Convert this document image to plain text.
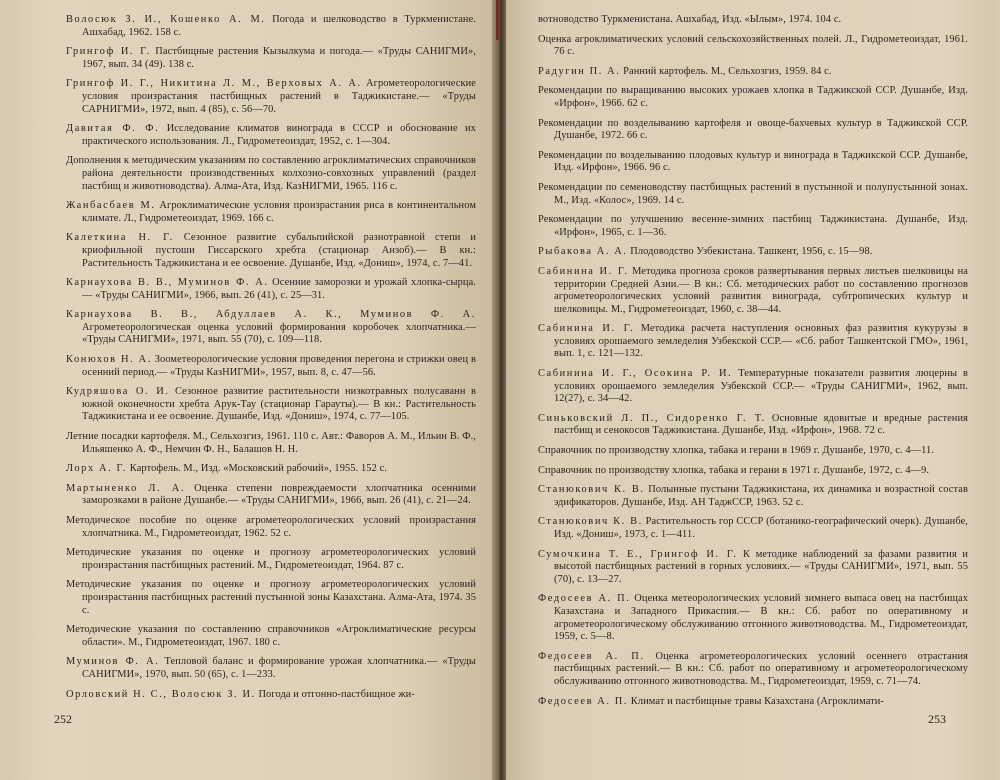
Волосюк З. И., Кошенко А. М. Погода и шелководство в Туркменистане. Ашхабад, 1962. 158 с.
Грингоф И. Г. Пастбищные растения Кызылкума и погода.— «Труды САНИГМИ», 1967, вып. 34 (49). 138 с.
Грингоф И. Г., Никитина Л. М., Верховых А. А. Агрометеорологические условия произрастания пастбищных растений в Таджикистане.— «Труды САРНИГМИ», 1972, вып. 4 (85), с. 56—70.
Давитая Ф. Ф. Исследование климатов винограда в СССР и обоснование их практического использования. Л., Гидрометеоиздат, 1952, с. 1—304.
Дополнения к методическим указаниям по составлению агроклиматических справочников района деятельности производственных колхозно-совхозных управлений (раздел пастбищ и животноводства). Алма-Ата, Изд. КазНИГМИ, 1965. 116 с.
Жанбасбаев М. Агроклиматические условия произрастания риса в континентальном климате. Л., Гидрометеоиздат, 1969. 166 с.
Калеткина Н. Г. Сезонное развитие субальпийской разнотравной степи и криофильной пустоши Гиссарского хребта (стационар Анзоб).— В кн.: Растительность Таджикистана и ее освоение. Душанбе, Изд. «Дониш», 1974, с. 7—41.
Карнаухова В. В., Муминов Ф. А. Осенние заморозки и урожай хлопка-сырца.— «Труды САНИГМИ», 1966, вып. 26 (41), с. 25—31.
Карнаухова В. В., Абдуллаев А. К., Муминов Ф. А. Агрометеорологическая оценка условий формирования коробочек хлопчатника.— «Труды САНИГМИ», 1971, вып. 55 (70), с. 109—118.
Конюхов Н. А. Зоометеорологические условия проведения перегона и стрижки овец в осенний период.— «Труды КазНИГМИ», 1957, вып. 8, с. 47—56.
Кудряшова О. И. Сезонное развитие растительности низкотравных полусаванн в южной оконечности хребта Арук-Тау (стационар Гарауты).— В кн.: Растительность Таджикистана и ее освоение. Душанбе, Изд. «Дониш», 1974, с. 77—105.
Летние посадки картофеля. М., Сельхозгиз, 1961. 110 с. Авт.: Фаворов А. М., Ильин В. Ф., Ильяшенко А. Ф., Немчин Ф. Н., Балашов Н. Н.
Лорх А. Г. Картофель. М., Изд. «Московский рабочий», 1955. 152 с.
Мартыненко Л. А. Оценка степени повреждаемости хлопчатника осенними заморозками в районе Душанбе.— «Труды САНИГМИ», 1966, вып. 26 (41), с. 21—24.
Методическое пособие по оценке агрометеорологических условий произрастания хлопчатника. М., Гидрометеоиздат, 1962. 52 с.
Методические указания по оценке и прогнозу агрометеорологических условий произрастания пастбищных растений. М., Гидрометеоиздат, 1964. 87 с.
Методические указания по оценке и прогнозу агрометеорологических условий произрастания пастбищных растений пустынной зоны Казахстана. Алма-Ата, 1974. 35 с.
Методические указания по составлению справочников «Агроклиматические ресурсы области». М., Гидрометеоиздат, 1967. 180 с.
Муминов Ф. А. Тепловой баланс и формирование урожая хлопчатника.— «Труды САНИГМИ», 1970, вып. 50 (65), с. 1—233.
Орловский Н. С., Волосюк З. И. Погода и отгонно-пастбищное жи-
252
вотноводство Туркменистана. Ашхабад, Изд. «Ылым», 1974. 104 с.
Оценка агроклиматических условий сельскохозяйственных полей. Л., Гидрометеоиздат, 1961. 76 с.
Радугин П. А. Ранний картофель. М., Сельхозгиз, 1959. 84 с.
Рекомендации по выращиванию высоких урожаев хлопка в Таджикской ССР. Душанбе, Изд. «Ирфон», 1966. 62 с.
Рекомендации по возделыванию картофеля и овоще-бахчевых культур в Таджикской ССР. Душанбе, 1972. 66 с.
Рекомендации по возделыванию плодовых культур и винограда в Таджикской ССР. Душанбе, Изд. «Ирфон», 1966. 96 с.
Рекомендации по семеноводству пастбищных растений в пустынной и полупустынной зонах. М., Изд. «Колос», 1969. 14 с.
Рекомендации по улучшению весенне-зимних пастбищ Таджикистана. Душанбе, Изд. «Ирфон», 1965, с. 1—36.
Рыбакова А. А. Плодоводство Узбекистана. Ташкент, 1956, с. 15—98.
Сабинина И. Г. Методика прогноза сроков развертывания первых листьев шелковицы на территории Средней Азии.— В кн.: Сб. методических работ по составлению прогнозов агрометеорологических условий развития винограда, субтропических культур и шелковицы. М., Гидрометеоиздат, 1960, с. 38—44.
Сабинина И. Г. Методика расчета наступления основных фаз развития кукурузы в условиях орошаемого земледелия Узбекской ССР.— «Сб. работ Ташкентской ГМО», 1961, вып. 1, с. 121—132.
Сабинина И. Г., Осокина Р. И. Температурные показатели развития люцерны в условиях орошаемого земледелия Узбекской ССР.— «Труды САНИГМИ», 1962, вып. 12(27), с. 34—42.
Синьковский Л. П., Сидоренко Г. Т. Основные ядовитые и вредные растения пастбищ и сенокосов Таджикистана. Душанбе, Изд. «Ирфон», 1968. 72 с.
Справочник по производству хлопка, табака и герани в 1969 г. Душанбе, 1970, с. 4—11.
Справочник по производству хлопка, табака и герани в 1971 г. Душанбе, 1972, с. 4—9.
Станюкович К. В. Полынные пустыни Таджикистана, их динамика и возрастной состав эдификаторов. Душанбе, Изд. АН ТаджССР, 1963. 52 с.
Станюкович К. В. Растительность гор СССР (ботанико-географический очерк). Душанбе, Изд. «Дониш», 1973, с. 1—411.
Сумочкина Т. Е., Грингоф И. Г. К методике наблюдений за фазами развития и высотой пастбищных растений в горных условиях.— «Труды САНИГМИ», 1971, вып. 55 (70), с. 13—27.
Федосеев А. П. Оценка метеорологических условий зимнего выпаса овец на пастбищах Казахстана и Западного Прикаспия.— В кн.: Сб. работ по оперативному и агрометеорологическому обслуживанию отгонного животноводства. М., Гидрометеоиздат, 1959, с. 5—8.
Федосеев А. П. Оценка агрометеорологических условий осеннего отрастания пастбищных растений.— В кн.: Сб. работ по оперативному и агрометеорологическому обслуживанию отгонного животноводства. М., Гидрометеоиздат, 1959, с. 71—74.
Федосеев А. П. Климат и пастбищные травы Казахстана (Агроклимати-
253
